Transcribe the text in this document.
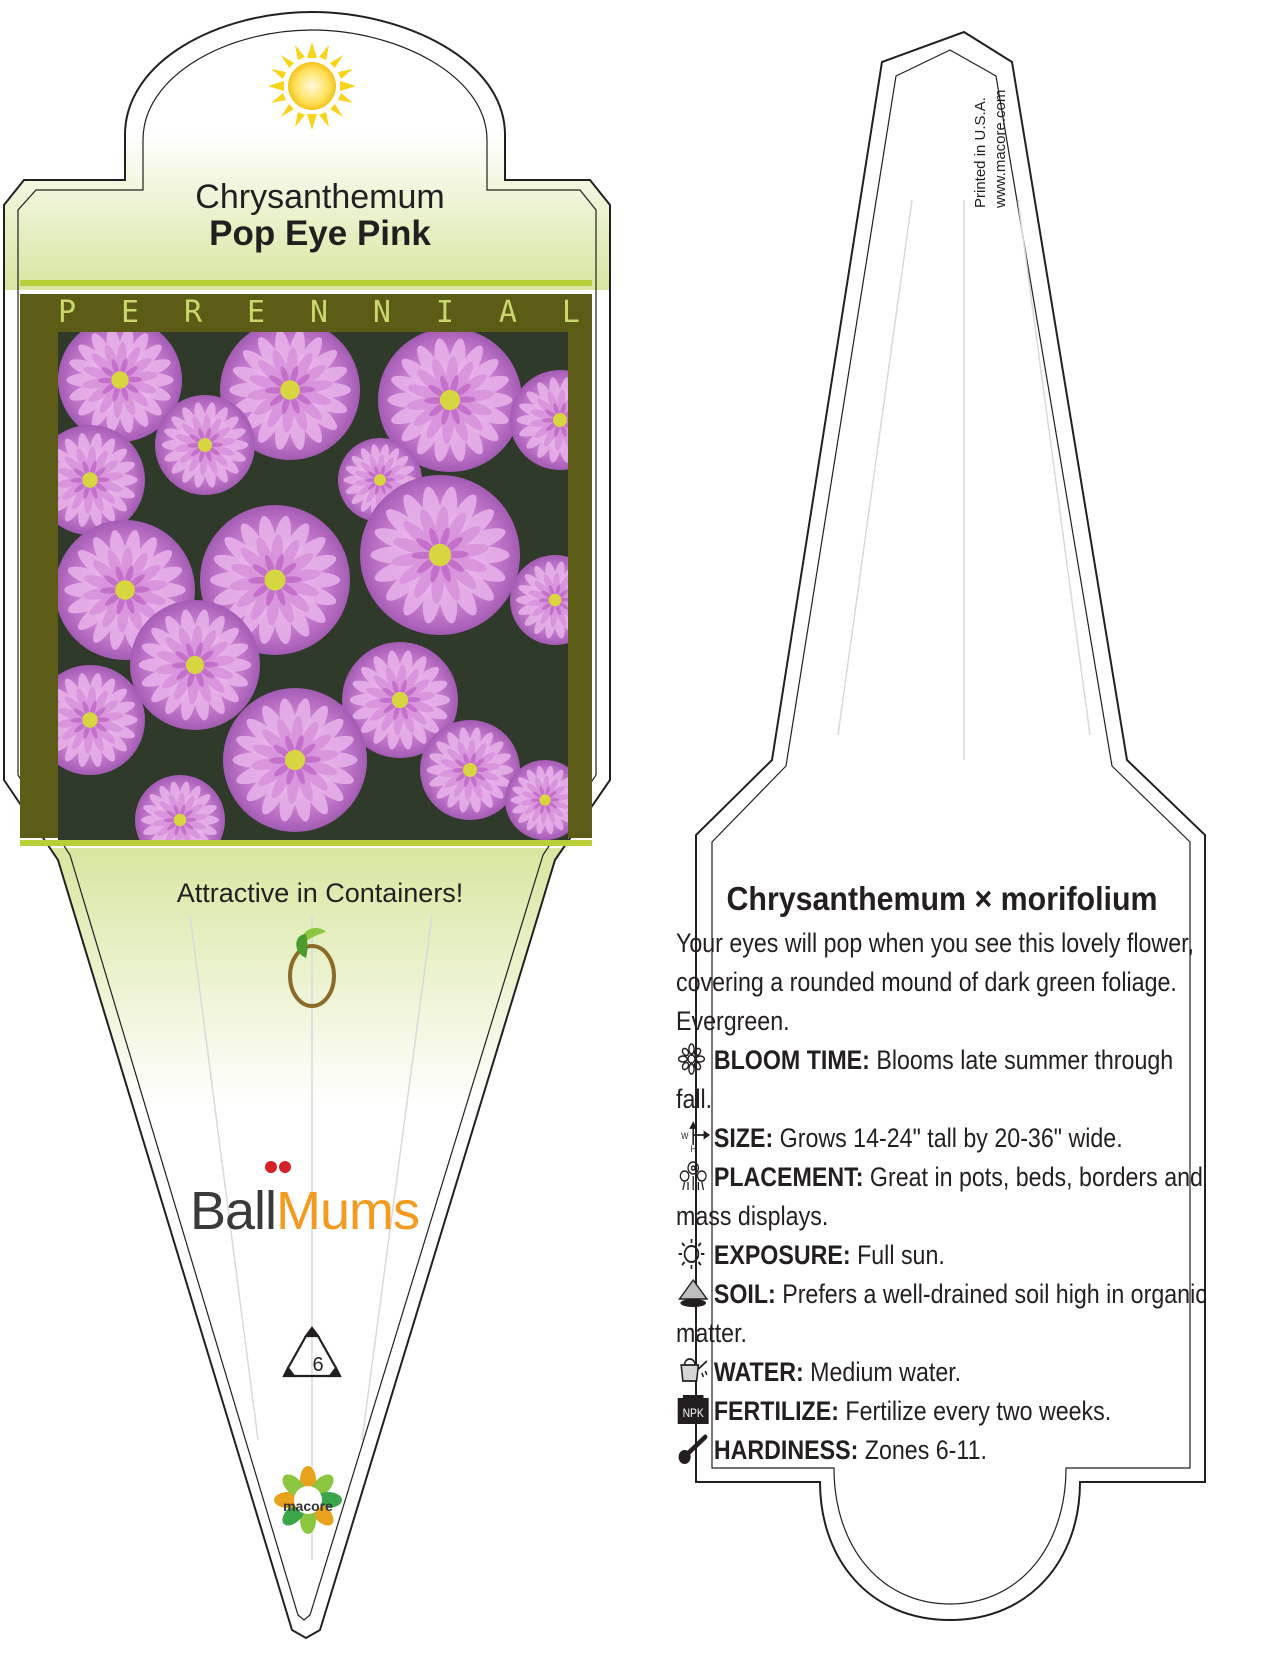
Chrysanthemum
Pop Eye Pink
P E R E N N I A L
Attractive in Containers!
BallMums
6
macore
Printed in U.S.A. www.macore.com
Chrysanthemum × morifolium
Your eyes will pop when you see this lovely flower, covering a rounded mound of dark green foliage. Evergreen.
BLOOM TIME: Blooms late summer through fall.
W
H SIZE: Grows 14-24" tall by 20-36" wide.
PLACEMENT: Great in pots, beds, borders and mass displays.
EXPOSURE: Full sun.
SOIL: Prefers a well-drained soil high in organic matter.
WATER: Medium water.
NPK FERTILIZE: Fertilize every two weeks.
HARDINESS: Zones 6-11.
